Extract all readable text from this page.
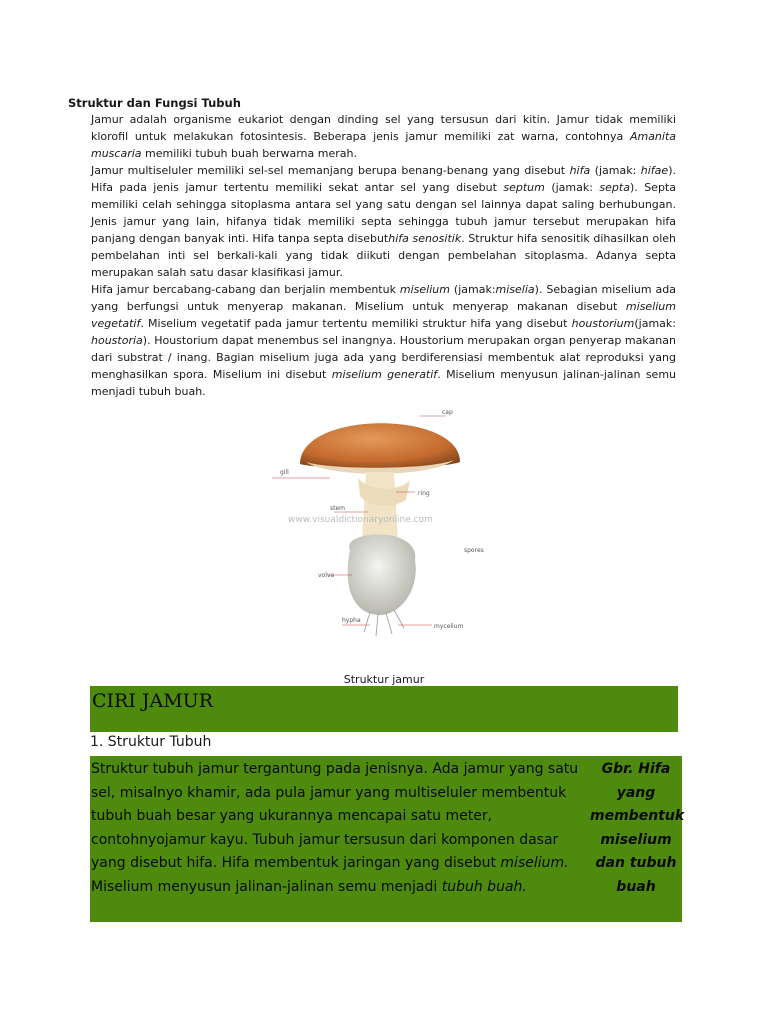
Struktur dan Fungsi Tubuh

Jamur adalah organisme eukariot dengan dinding sel yang tersusun dari kitin. Jamur tidak memiliki klorofil untuk melakukan fotosintesis. Beberapa jenis jamur memiliki zat warna, contohnya Amanita muscaria memiliki tubuh buah berwarna merah.

Jamur multiseluler memiliki sel-sel memanjang berupa benang-benang yang disebut hifa (jamak: hifae). Hifa pada jenis jamur tertentu memiliki sekat antar sel yang disebut septum (jamak: septa). Septa memiliki celah sehingga sitoplasma antara sel yang satu dengan sel lainnya dapat saling berhubungan. Jenis jamur yang lain, hifanya tidak memiliki septa sehingga tubuh jamur tersebut merupakan hifa panjang dengan banyak inti. Hifa tanpa septa disebuthifa senositik. Struktur hifa senositik dihasilkan oleh pembelahan inti sel berkali-kali yang tidak diikuti dengan pembelahan sitoplasma. Adanya septa merupakan salah satu dasar klasifikasi jamur.

Hifa jamur bercabang-cabang dan berjalin membentuk miselium (jamak:miselia). Sebagian miselium ada yang berfungsi untuk menyerap makanan. Miselium untuk menyerap makanan disebut miselium vegetatif. Miselium vegetatif pada jamur tertentu memiliki struktur hifa yang disebut houstorium(jamak: houstoria). Houstorium dapat menembus sel inangnya. Houstorium merupakan organ penyerap makanan dari substrat / inang. Bagian miselium juga ada yang berdiferensiasi membentuk alat reproduksi yang menghasilkan spora. Miselium ini disebut miselium generatif. Miselium menyusun jalinan-jalinan semu menjadi tubuh buah.

cap
gill
ring
stem
spores
volva
hypha
mycelium
www.visualdictionaryonline.com
Struktur jamur
CIRI JAMUR
1. Struktur Tubuh
Struktur tubuh jamur tergantung pada jenisnya. Ada jamur yang satu sel, misalnyo khamir, ada pula jamur yang multiseluler membentuk tubuh buah besar yang ukurannya mencapai satu meter, contohnyojamur kayu. Tubuh jamur tersusun dari komponen dasar yang disebut hifa. Hifa membentuk jaringan yang disebut miselium. Miselium menyusun jalinan-jalinan semu menjadi tubuh buah.
Gbr. Hifa yang membentuk miselium dan tubuh buah
